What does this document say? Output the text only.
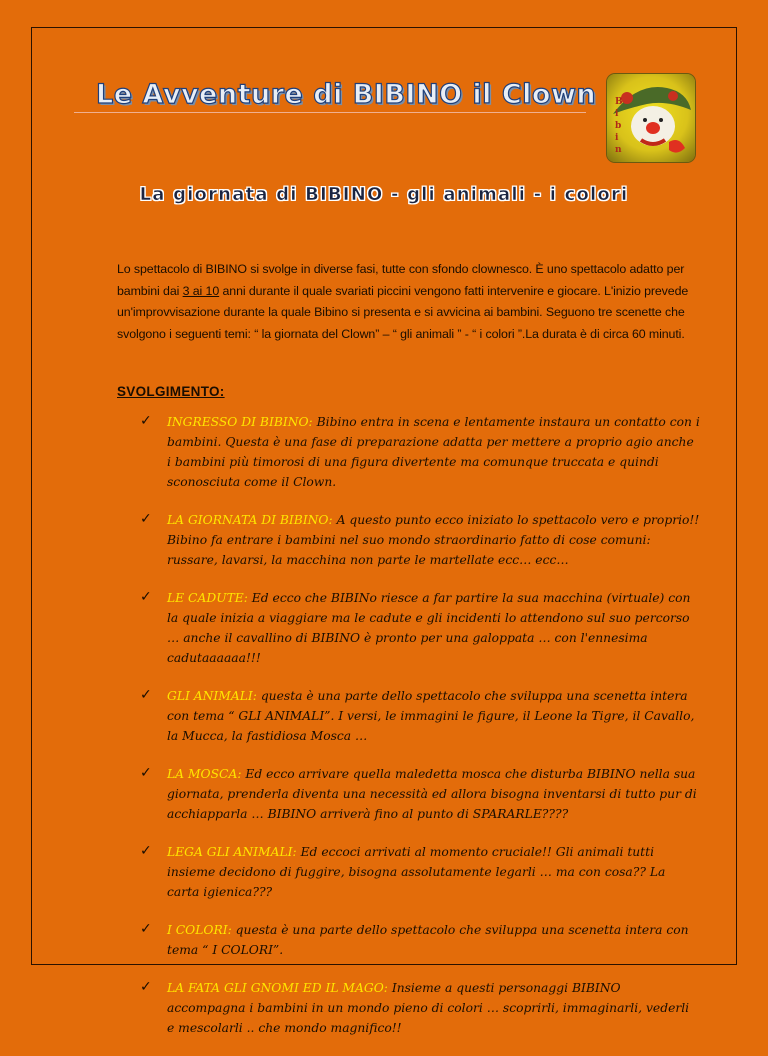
Le Avventure di BIBINO il Clown B
i
b
i
n
La giornata di BIBINO - gli animali - i colori
Lo spettacolo di BIBINO si svolge in diverse fasi, tutte con sfondo clownesco. È uno spettacolo adatto per bambini dai 3 ai 10 anni durante il quale svariati piccini vengono fatti intervenire e giocare. L'inizio prevede un'improvvisazione durante la quale Bibino si presenta e si avvicina ai bambini. Seguono tre scenette che svolgono i seguenti temi: “ la giornata del Clown” – “ gli animali ” - “ i colori ”.La durata è di circa 60 minuti.
SVOLGIMENTO:
✓ INGRESSO DI BIBINO: Bibino entra in scena e lentamente instaura un contatto con i bambini. Questa è una fase di preparazione adatta per mettere a proprio agio anche i bambini più timorosi di una figura divertente ma comunque truccata e quindi sconosciuta come il Clown.
✓ LA GIORNATA DI BIBINO: A questo punto ecco iniziato lo spettacolo vero e proprio!! Bibino fa entrare i bambini nel suo mondo straordinario fatto di cose comuni: russare, lavarsi, la macchina non parte le martellate ecc… ecc…
✓ LE CADUTE: Ed ecco che BIBINo riesce a far partire la sua macchina (virtuale) con la quale inizia a viaggiare ma le cadute e gli incidenti lo attendono sul suo percorso … anche il cavallino di BIBINO è pronto per una galoppata … con l'ennesima cadutaaaaaa!!!
✓ GLI ANIMALI: questa è una parte dello spettacolo che sviluppa una scenetta intera con tema “ GLI ANIMALI”. I versi, le immagini le figure, il Leone la Tigre, il Cavallo, la Mucca, la fastidiosa Mosca …
✓ LA MOSCA: Ed ecco arrivare quella maledetta mosca che disturba BIBINO nella sua giornata, prenderla diventa una necessità ed allora bisogna inventarsi di tutto pur di acchiapparla … BIBINO arriverà fino al punto di SPARARLE????
✓ LEGA GLI ANIMALI: Ed eccoci arrivati al momento cruciale!! Gli animali tutti insieme decidono di fuggire, bisogna assolutamente legarli … ma con cosa?? La carta igienica???
✓ I COLORI: questa è una parte dello spettacolo che sviluppa una scenetta intera con tema “ I COLORI”.
✓ LA FATA GLI GNOMI ED IL MAGO: Insieme a questi personaggi BIBINO accompagna i bambini in un mondo pieno di colori … scoprirli, immaginarli, vederli e mescolarli .. che mondo magnifico!!
